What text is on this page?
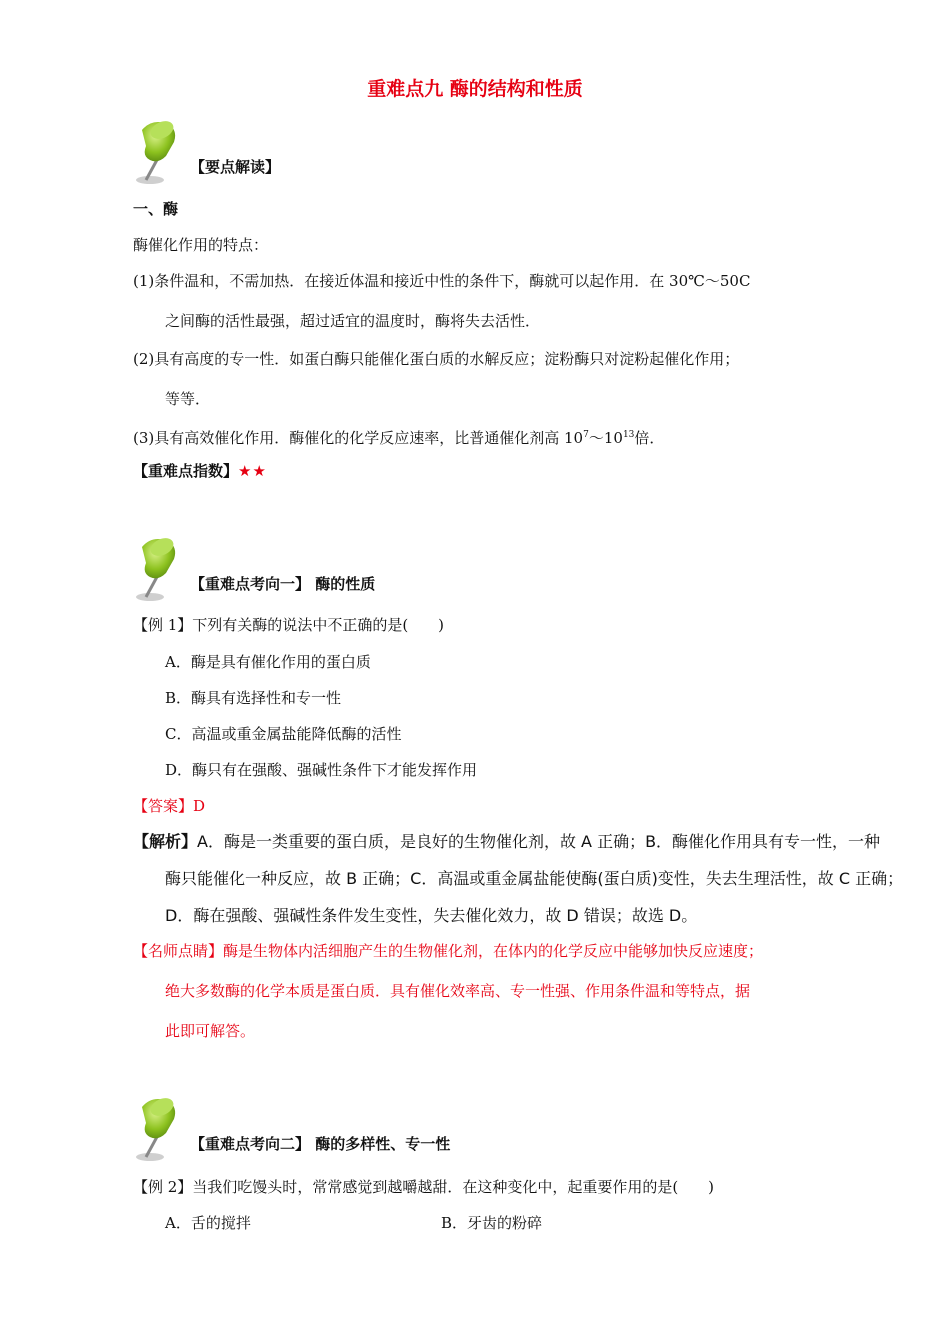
重难点九 酶的结构和性质
【要点解读】
一、酶
酶催化作用的特点：
(1)条件温和，不需加热．在接近体温和接近中性的条件下，酶就可以起作用．在 30℃～50C
之间酶的活性最强，超过适宜的温度时，酶将失去活性．
(2)具有高度的专一性．如蛋白酶只能催化蛋白质的水解反应；淀粉酶只对淀粉起催化作用；
等等．
(3)具有高效催化作用．酶催化的化学反应速率，比普通催化剂高 $10^7\sim 10^{13}$倍．
【重难点指数】★★
【重难点考向一】 酶的性质
【例 1】下列有关酶的说法中不正确的是(　　)
A．酶是具有催化作用的蛋白质
B．酶具有选择性和专一性
C．高温或重金属盐能降低酶的活性
D．酶只有在强酸、强碱性条件下才能发挥作用
【答案】D
【解析】A．酶是一类重要的蛋白质，是良好的生物催化剂，故 A 正确；B．酶催化作用具有专一性，一种
酶只能催化一种反应，故 B 正确；C．高温或重金属盐能使酶(蛋白质)变性，失去生理活性，故 C 正确；
D．酶在强酸、强碱性条件发生变性，失去催化效力，故 D 错误；故选 D。
【名师点睛】酶是生物体内活细胞产生的生物催化剂，在体内的化学反应中能够加快反应速度；
绝大多数酶的化学本质是蛋白质．具有催化效率高、专一性强、作用条件温和等特点，据
此即可解答。
【重难点考向二】 酶的多样性、专一性
【例 2】当我们吃馒头时，常常感觉到越嚼越甜．在这种变化中，起重要作用的是(　　)
A．舌的搅拌	B．牙齿的粉碎
